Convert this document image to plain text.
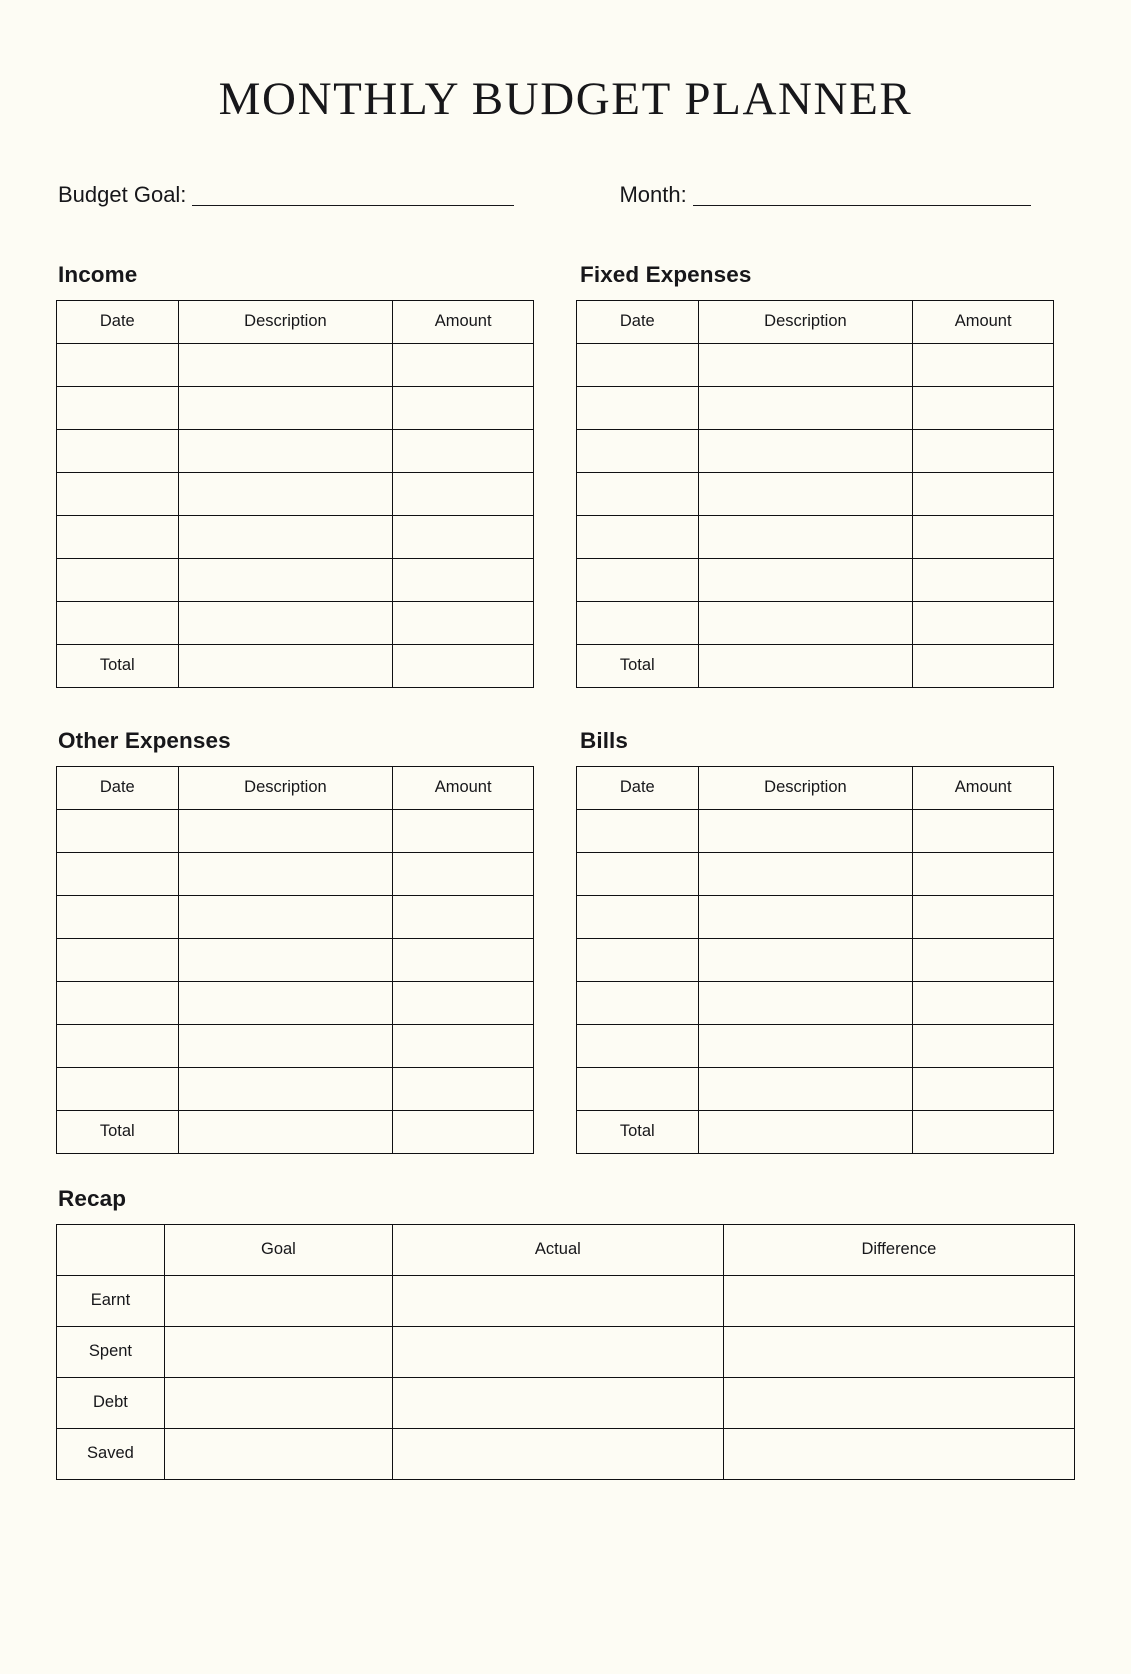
MONTHLY BUDGET PLANNER
Budget Goal:	Month:
Income
Date	Description	Amount

Total		
Other Expenses
Date	Description	Amount

Total		
Fixed Expenses
Date	Description	Amount

Total		
Bills
Date	Description	Amount

Total		
Recap
	Goal	Actual	Difference
Earnt			
Spent			
Debt			
Saved			
